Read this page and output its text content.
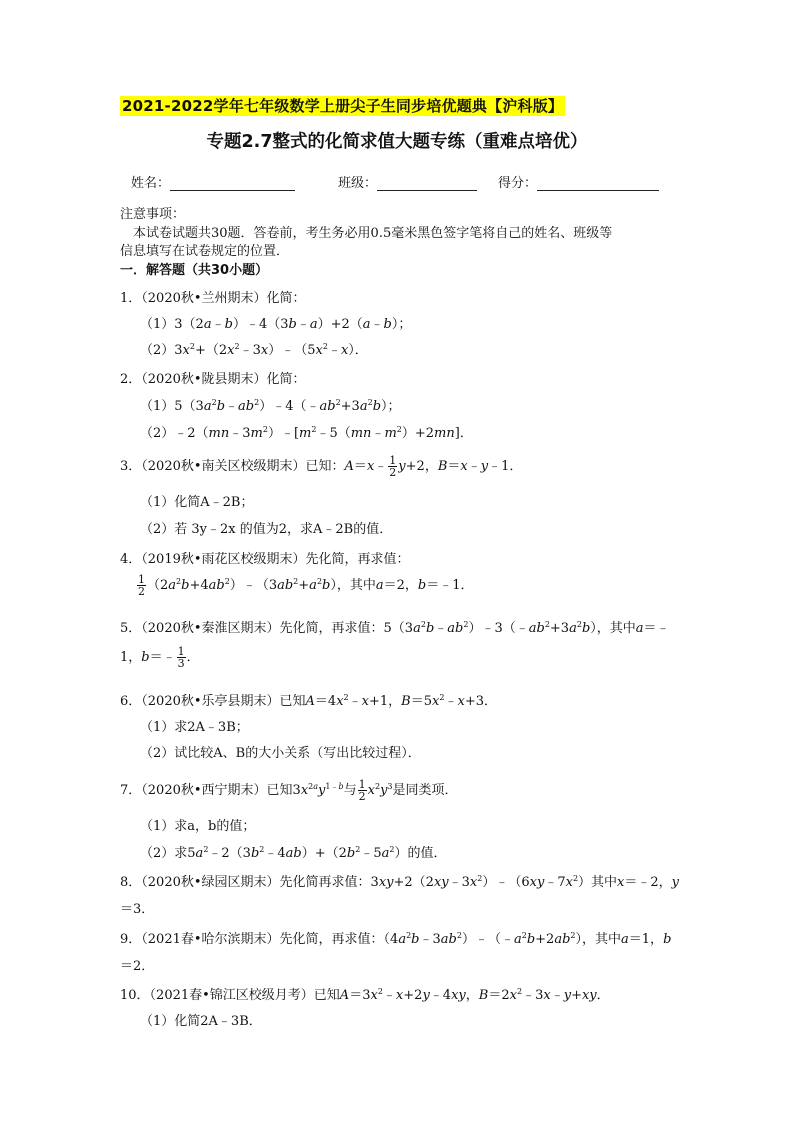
2021-2022学年七年级数学上册尖子生同步培优题典【沪科版】
专题2.7整式的化简求值大题专练（重难点培优）
姓名：	班级：	得分：
注意事项：
本试卷试题共30题．答卷前，考生务必用0.5毫米黑色签字笔将自己的姓名、班级等
信息填写在试卷规定的位置．
一．解答题（共30小题）
1．（2020秋•兰州期末）化简：
（1）3（2a﹣b）﹣4（3b﹣a）+2（a﹣b）；
$(2)3x^2+(2x^2﹣3x)﹣(5x^2﹣x)$．
2．（2020秋•陇县期末）化简：
$(1)5(3a^2b﹣ab^2)﹣4(﹣ab^2+3a^2b)$；
$(2)﹣2(mn﹣3m^2)﹣[m^2﹣5(mn﹣m^2)+2mn]$．
3．（2020秋•南关区校级期末）已知：A＝x﹣ $\frac{1}{2} y+2$，B＝x﹣y﹣1．
（1）化简A﹣2B；
（2）若 3y﹣2x 的值为2，求A﹣2B的值．
4．（2019秋•雨花区校级期末）先化简，再求值：
$\frac{1}{2}$ $(2a^2b+4ab^2)﹣(3ab^2+a^2b)$，其中a＝2，b＝﹣1．
5．（2020秋•秦淮区期末）先化简，再求值：$5(3a^2b﹣ab^2)﹣3(﹣ab^2+3a^2b)$，其中a＝﹣
1，b＝﹣ $\frac{1}{3}$ ．
6．（2020秋•乐亭县期末）已知$A=4x^2﹣x+1$，$B=5x^2﹣x+3$．
（1）求2A﹣3B；
（2）试比较A、B的大小关系（写出比较过程）．
7．（2020秋•西宁期末）已知$3x^{2a}y^{1﹣b}$与 $\frac{1}{2} x^2y^3$是同类项．
（1）求a，b的值；
（2）求$5a^2﹣2(3b^2﹣4ab)+(2b^2﹣5a^2)$的值．
8．（2020秋•绿园区期末）先化简再求值：$3xy+2(2xy﹣3x^2)﹣(6xy﹣7x^2)$其中x＝﹣2，y
＝3．
9．（2021春•哈尔滨期末）先化简，再求值：$(4a^2b﹣3ab^2)﹣(﹣a^2b+2ab^2)$，其中a＝1，b
＝2．
10．（2021春•锦江区校级月考）已知$A=3x^2﹣x+2y﹣4xy$，$B=2x^2﹣3x﹣y+xy$．
（1）化简2A﹣3B．
